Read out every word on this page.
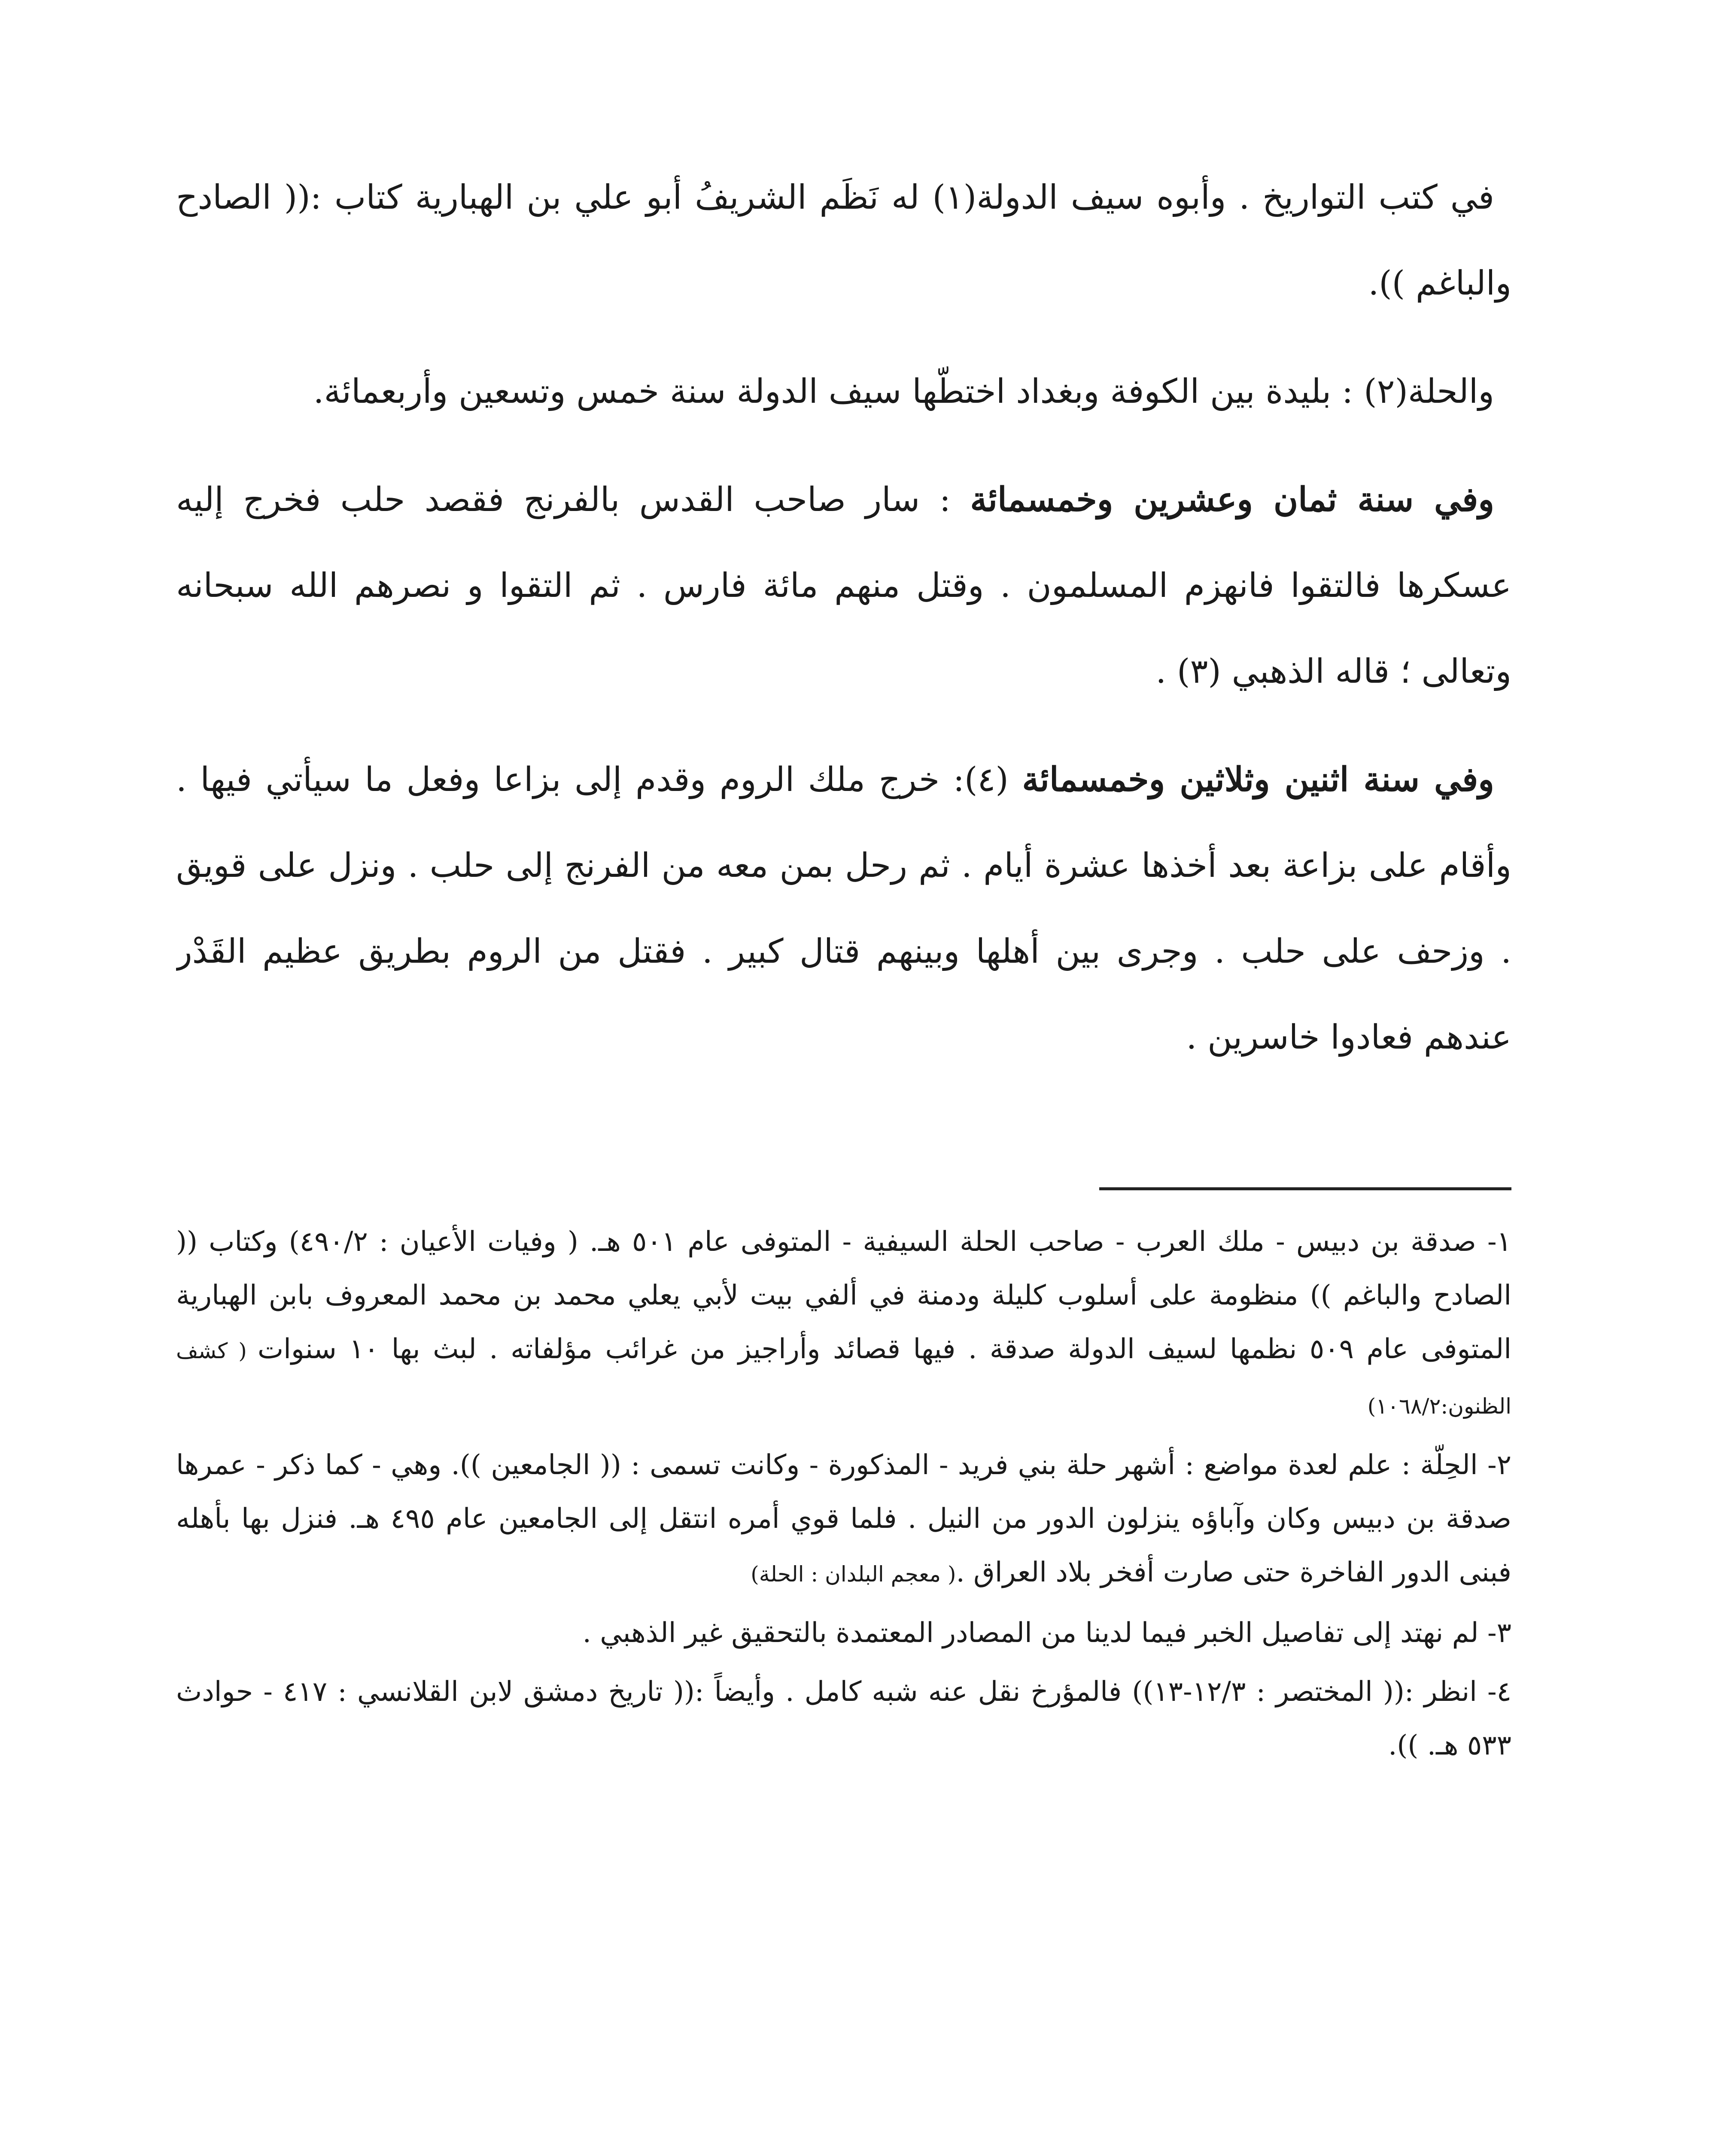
في كتب التواريخ . وأبوه سيف الدولة(١) له نَظَم الشريفُ أبو علي بن الهبارية كتاب :(( الصادح والباغم )).

والحلة(٢) : بليدة بين الكوفة وبغداد اختطّها سيف الدولة سنة خمس وتسعين وأربعمائة.

وفي سنة ثمان وعشرين وخمسمائة : سار صاحب القدس بالفرنج فقصد حلب فخرج إليه عسكرها فالتقوا فانهزم المسلمون . وقتل منهم مائة فارس . ثم التقوا و نصرهم الله سبحانه وتعالى ؛ قاله الذهبي (٣) .

وفي سنة اثنين وثلاثين وخمسمائة (٤): خرج ملك الروم وقدم إلى بزاعا وفعل ما سيأتي فيها . وأقام على بزاعة بعد أخذها عشرة أيام . ثم رحل بمن معه من الفرنج إلى حلب . ونزل على قويق . وزحف على حلب . وجرى بين أهلها وبينهم قتال كبير . فقتل من الروم بطريق عظيم القَدْر عندهم فعادوا خاسرين .

١- صدقة بن دبيس - ملك العرب - صاحب الحلة السيفية - المتوفى عام ٥٠١ هـ. ( وفيات الأعيان : ٤٩٠/٢) وكتاب (( الصادح والباغم )) منظومة على أسلوب كليلة ودمنة في ألفي بيت لأبي يعلي محمد بن محمد المعروف بابن الهبارية المتوفى عام ٥٠٩ نظمها لسيف الدولة صدقة . فيها قصائد وأراجيز من غرائب مؤلفاته . لبث بها ١٠ سنوات ( كشف الظنون:١٠٦٨/٢)

٢- الحِلّة : علم لعدة مواضع : أشهر حلة بني فريد - المذكورة - وكانت تسمى : (( الجامعين )). وهي - كما ذكر - عمرها صدقة بن دبيس وكان وآباؤه ينزلون الدور من النيل . فلما قوي أمره انتقل إلى الجامعين عام ٤٩٥ هـ. فنزل بها بأهله فبنى الدور الفاخرة حتى صارت أفخر بلاد العراق .( معجم البلدان : الحلة)

٣- لم نهتد إلى تفاصيل الخبر فيما لدينا من المصادر المعتمدة بالتحقيق غير الذهبي .

٤- انظر :(( المختصر : ١٢/٣-١٣)) فالمؤرخ نقل عنه شبه كامل . وأيضاً :(( تاريخ دمشق لابن القلانسي : ٤١٧ - حوادث ٥٣٣ هـ. )).
